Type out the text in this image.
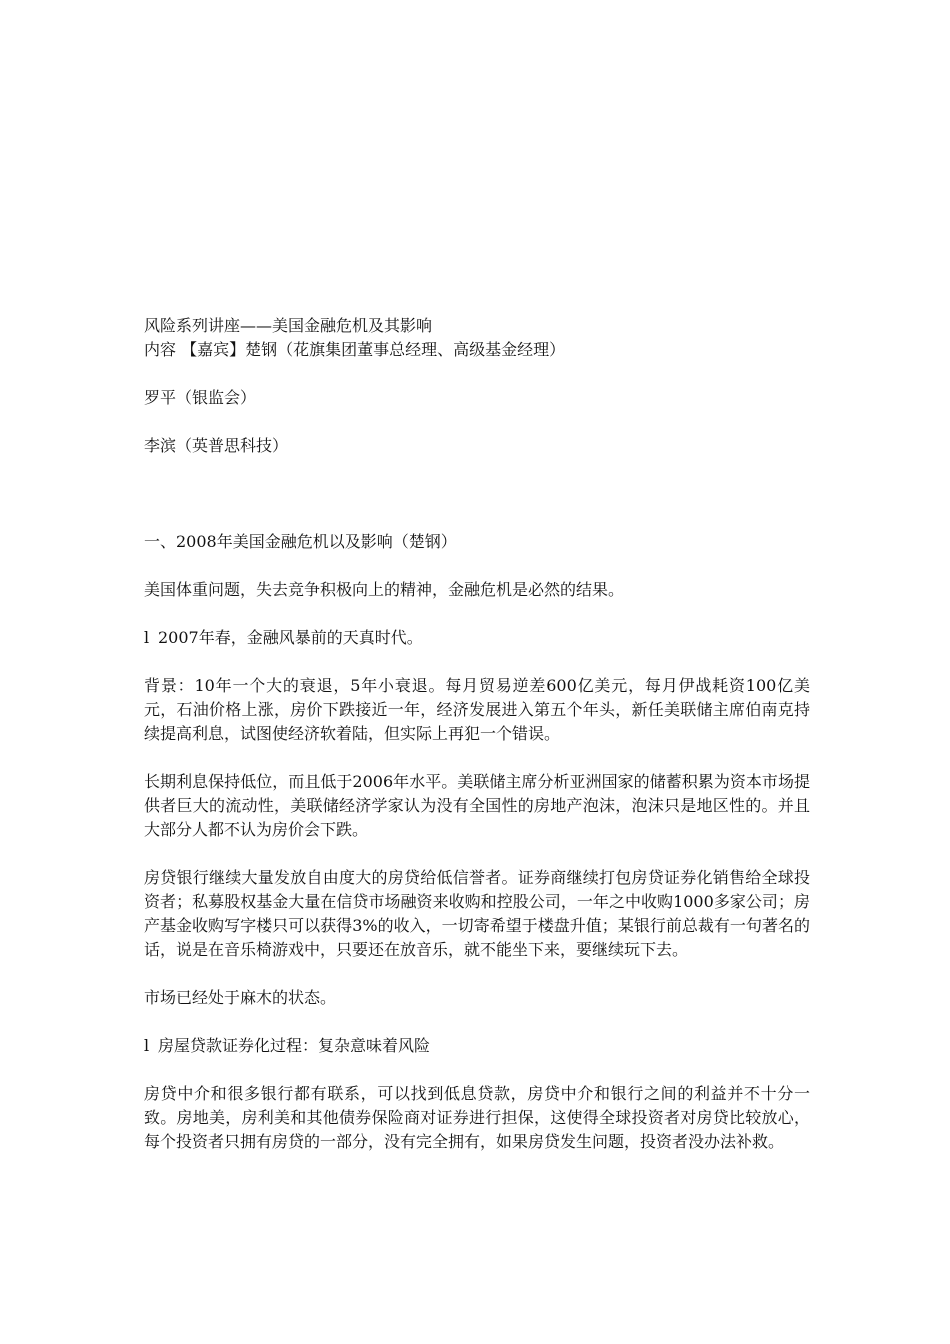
风险系列讲座——美国金融危机及其影响
内容 【嘉宾】楚钢（花旗集团董事总经理、高级基金经理）
罗平（银监会）
李滨（英普思科技）
一、2008年美国金融危机以及影响（楚钢）
美国体重问题，失去竞争积极向上的精神，金融危机是必然的结果。
l 2007年春，金融风暴前的天真时代。
背景：10年一个大的衰退，5年小衰退。每月贸易逆差600亿美元，每月伊战耗资100亿美元，石油价格上涨，房价下跌接近一年，经济发展进入第五个年头，新任美联储主席伯南克持续提高利息，试图使经济软着陆，但实际上再犯一个错误。
长期利息保持低位，而且低于2006年水平。美联储主席分析亚洲国家的储蓄积累为资本市场提供者巨大的流动性，美联储经济学家认为没有全国性的房地产泡沫，泡沫只是地区性的。并且大部分人都不认为房价会下跌。
房贷银行继续大量发放自由度大的房贷给低信誉者。证券商继续打包房贷证券化销售给全球投资者；私募股权基金大量在信贷市场融资来收购和控股公司，一年之中收购1000多家公司；房产基金收购写字楼只可以获得3%的收入，一切寄希望于楼盘升值；某银行前总裁有一句著名的话，说是在音乐椅游戏中，只要还在放音乐，就不能坐下来，要继续玩下去。
市场已经处于麻木的状态。
l 房屋贷款证券化过程：复杂意味着风险
房贷中介和很多银行都有联系，可以找到低息贷款，房贷中介和银行之间的利益并不十分一致。房地美，房利美和其他债券保险商对证券进行担保，这使得全球投资者对房贷比较放心，每个投资者只拥有房贷的一部分，没有完全拥有，如果房贷发生问题，投资者没办法补救。
